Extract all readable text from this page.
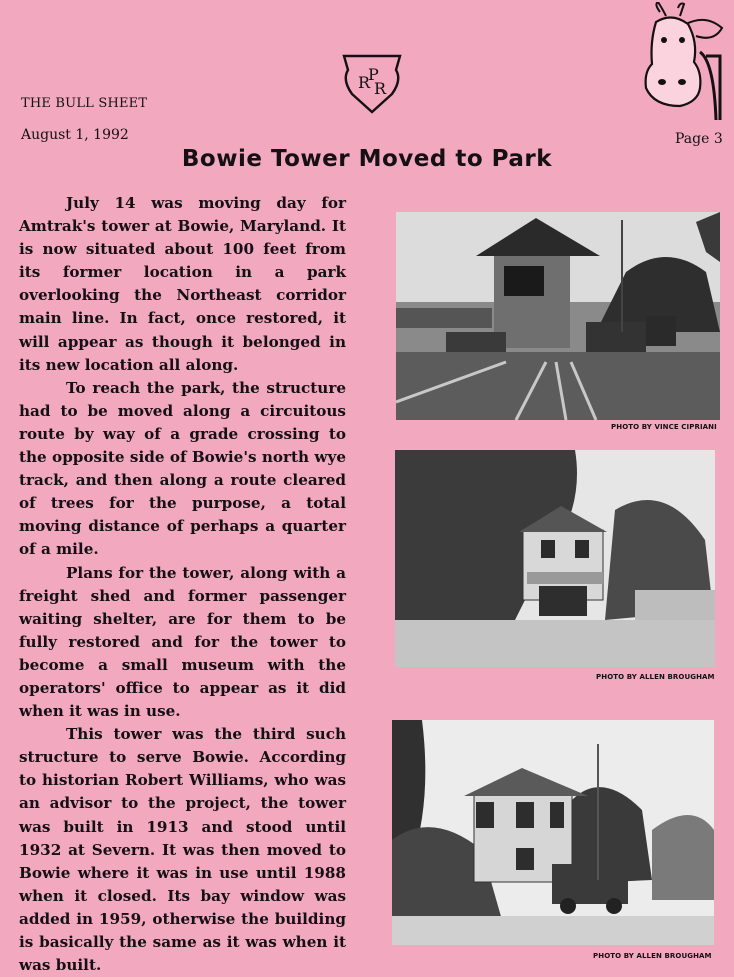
R
P
R
THE BULL SHEET
August 1, 1992	Page 3
Bowie Tower Moved to Park

July 14 was moving day for Amtrak's tower at Bowie, Maryland. It is now situated about 100 feet from its former location in a park overlooking the Northeast corridor main line. In fact, once restored, it will appear as though it belonged in its new location all along.

To reach the park, the structure had to be moved along a circuitous route by way of a grade crossing to the opposite side of Bowie's north wye track, and then along a route cleared of trees for the purpose, a total moving distance of perhaps a quarter of a mile.

Plans for the tower, along with a freight shed and former passenger waiting shelter, are for them to be fully restored and for the tower to become a small museum with the operators' office to appear as it did when it was in use.

This tower was the third such structure to serve Bowie. According to historian Robert Williams, who was an advisor to the project, the tower was built in 1913 and stood until 1932 at Severn. It was then moved to Bowie where it was in use until 1988 when it closed. Its bay window was added in 1959, otherwise the building is basically the same as it was when it was built.

PHOTO BY VINCE CIPRIANI
PHOTO BY ALLEN BROUGHAM
PHOTO BY ALLEN BROUGHAM
